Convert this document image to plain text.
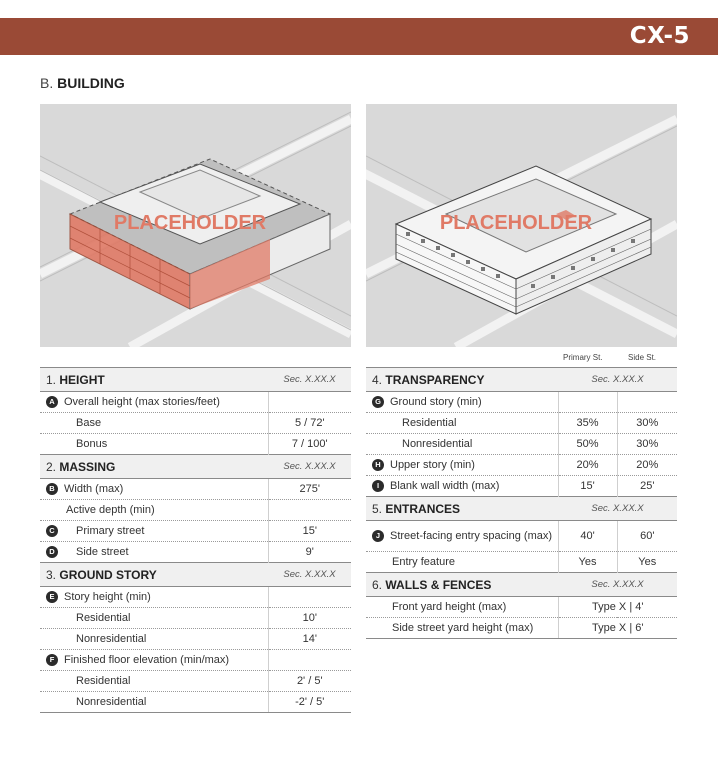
CX-5
B. BUILDING
PLACEHOLDER	PLACEHOLDER
1. HEIGHT	Sec. X.XX.X
A Overall height (max stories/feet)	
Base	5 / 72'
Bonus	7 / 100'
2. MASSING	Sec. X.XX.X
B Width (max)	275'
Active depth (min)	
C Primary street	15'
D Side street	9'
3. GROUND STORY	Sec. X.XX.X
E Story height (min)	
Residential	10'
Nonresidential	14'
F Finished floor elevation (min/max)	
Residential	2' / 5'
Nonresidential	-2' / 5'
Primary St.	Side St.
4. TRANSPARENCY	Sec. X.XX.X	
G Ground story (min)		
Residential	35%	30%
Nonresidential	50%	30%
H Upper story (min)	20%	20%
I Blank wall width (max)	15'	25'
5. ENTRANCES	Sec. X.XX.X	

J Street-facing entry spacing (max)	40'	60'
Entry feature	Yes	Yes
6. WALLS & FENCES	Sec. X.XX.X	
Front yard height (max)	Type X | 4'	
Side street yard height (max)	Type X | 6'	
